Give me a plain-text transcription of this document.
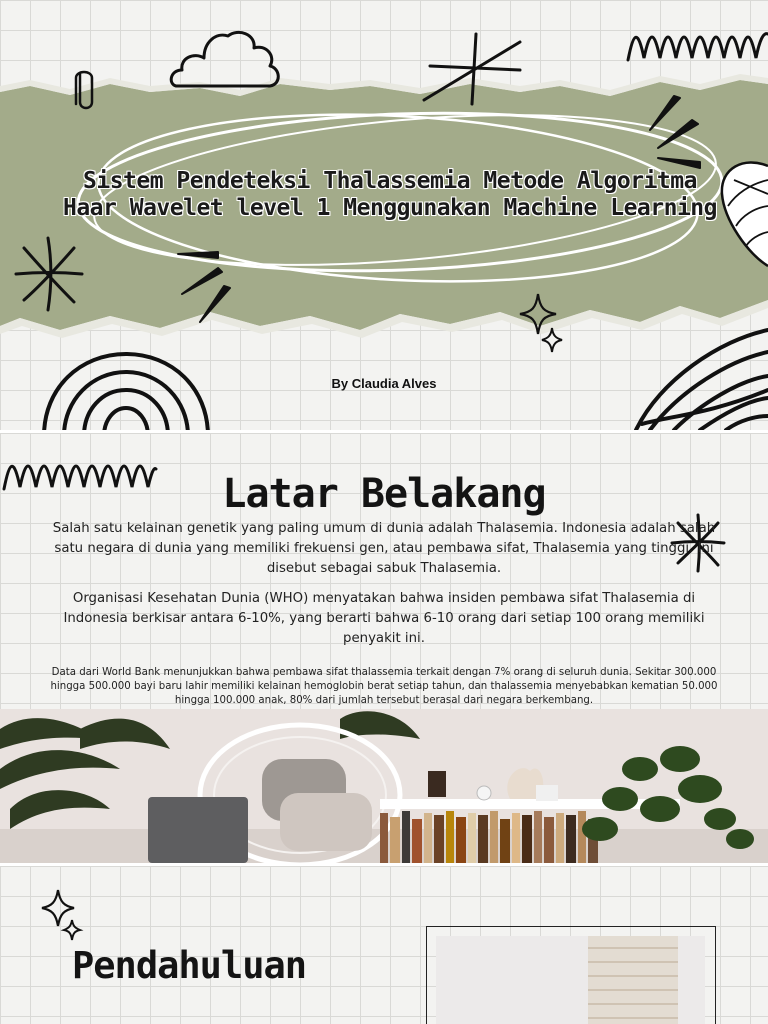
Sistem Pendeteksi Thalassemia Metode Algoritma Haar Wavelet level 1 Menggunakan Machine Learning
By Claudia Alves
Latar Belakang

Salah satu kelainan genetik yang paling umum di dunia adalah Thalasemia. Indonesia adalah salah satu negara di dunia yang memiliki frekuensi gen, atau pembawa sifat, Thalasemia yang tinggi. Ini disebut sebagai sabuk Thalasemia.

Organisasi Kesehatan Dunia (WHO) menyatakan bahwa insiden pembawa sifat Thalasemia di Indonesia berkisar antara 6-10%, yang berarti bahwa 6-10 orang dari setiap 100 orang memiliki penyakit ini.

Data dari World Bank menunjukkan bahwa pembawa sifat thalassemia terkait dengan 7% orang di seluruh dunia. Sekitar 300.000 hingga 500.000 bayi baru lahir memiliki kelainan hemoglobin berat setiap tahun, dan thalassemia menyebabkan kematian 50.000 hingga 100.000 anak, 80% dari jumlah tersebut berasal dari negara berkembang.

Pendahuluan
